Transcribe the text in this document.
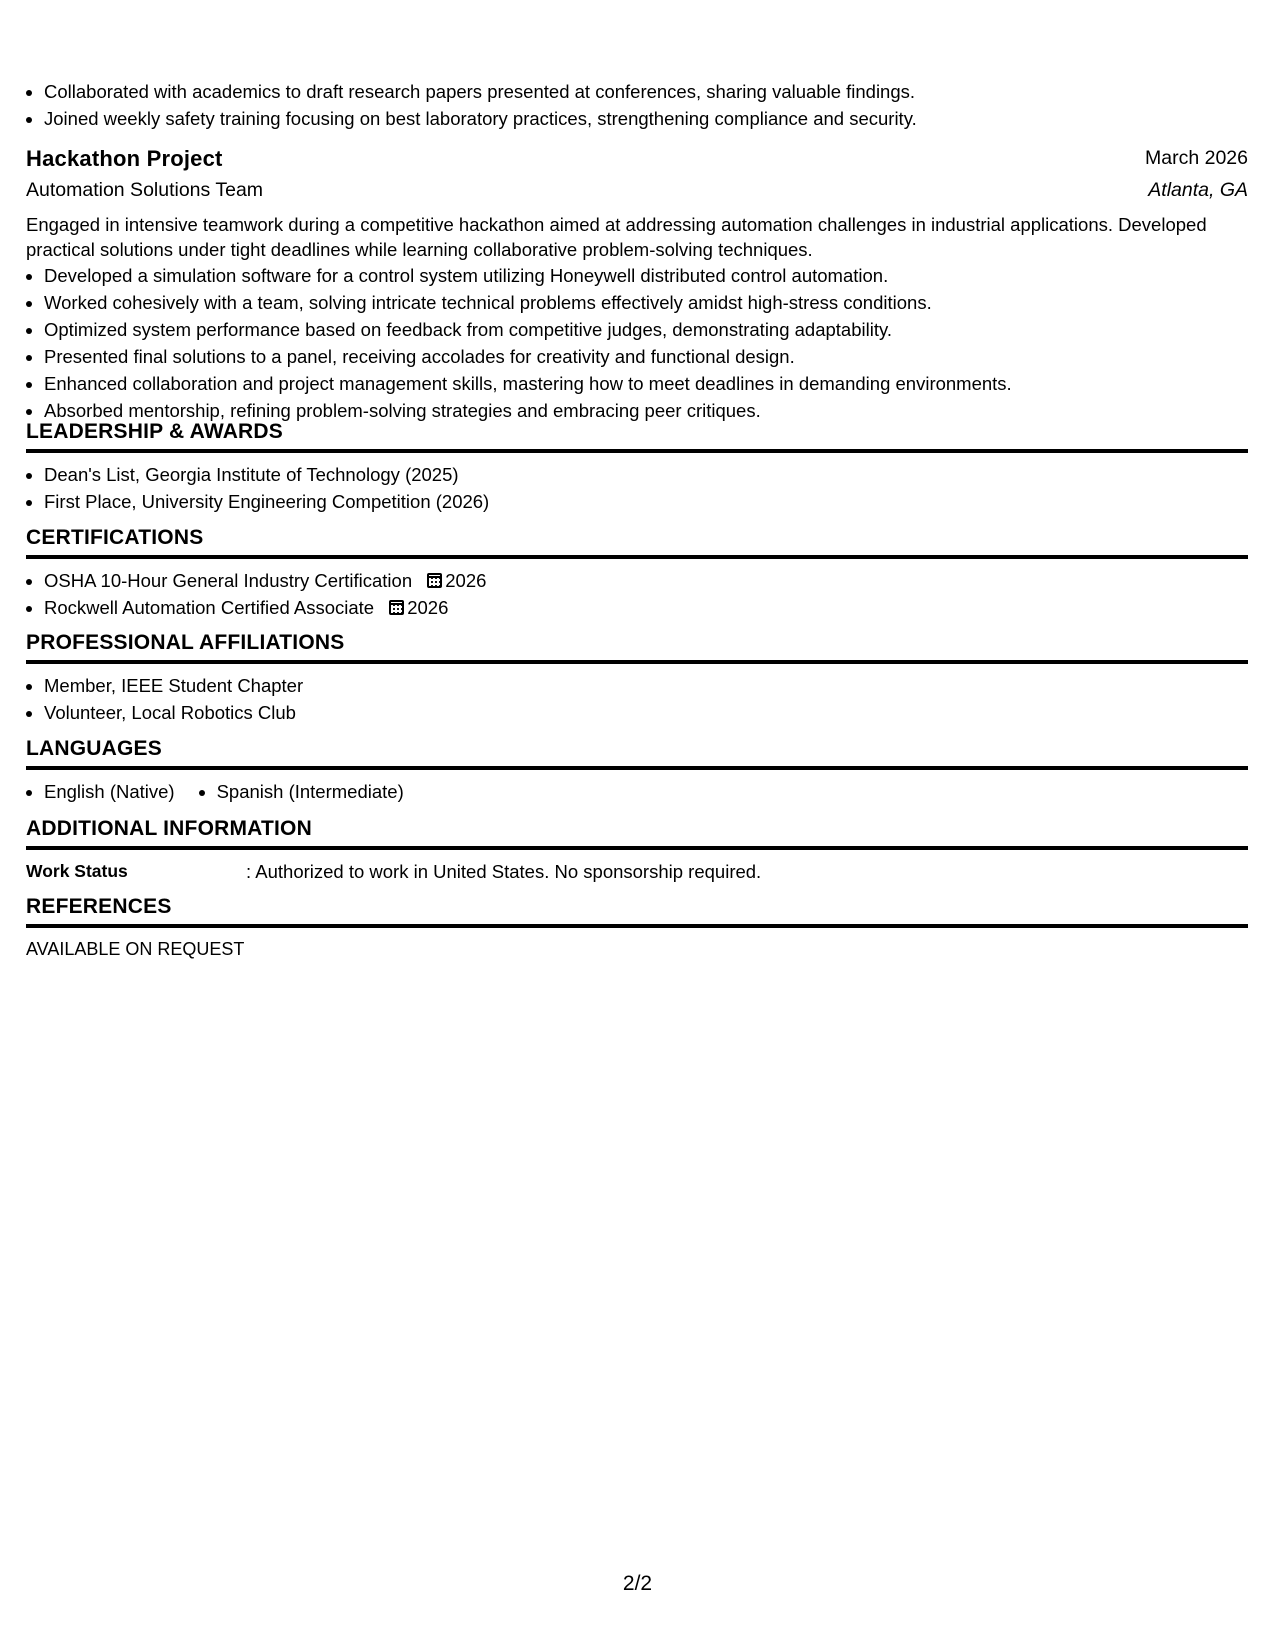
• Collaborated with academics to draft research papers presented at conferences, sharing valuable findings.
• Joined weekly safety training focusing on best laboratory practices, strengthening compliance and security.
Hackathon Project	March 2026
Automation Solutions Team	Atlanta, GA
Engaged in intensive teamwork during a competitive hackathon aimed at addressing automation challenges in industrial applications. Developed practical solutions under tight deadlines while learning collaborative problem-solving techniques.
• Developed a simulation software for a control system utilizing Honeywell distributed control automation.
• Worked cohesively with a team, solving intricate technical problems effectively amidst high-stress conditions.
• Optimized system performance based on feedback from competitive judges, demonstrating adaptability.
• Presented final solutions to a panel, receiving accolades for creativity and functional design.
• Enhanced collaboration and project management skills, mastering how to meet deadlines in demanding environments.
• Absorbed mentorship, refining problem-solving strategies and embracing peer critiques.
LEADERSHIP & AWARDS
• Dean's List, Georgia Institute of Technology (2025)
• First Place, University Engineering Competition (2026)
CERTIFICATIONS
• OSHA 10-Hour General Industry Certification 2026
• Rockwell Automation Certified Associate 2026
PROFESSIONAL AFFILIATIONS
• Member, IEEE Student Chapter
• Volunteer, Local Robotics Club
LANGUAGES
• English (Native)
• Spanish (Intermediate)
ADDITIONAL INFORMATION
Work Status	: Authorized to work in United States. No sponsorship required.
REFERENCES
AVAILABLE ON REQUEST
2/2
